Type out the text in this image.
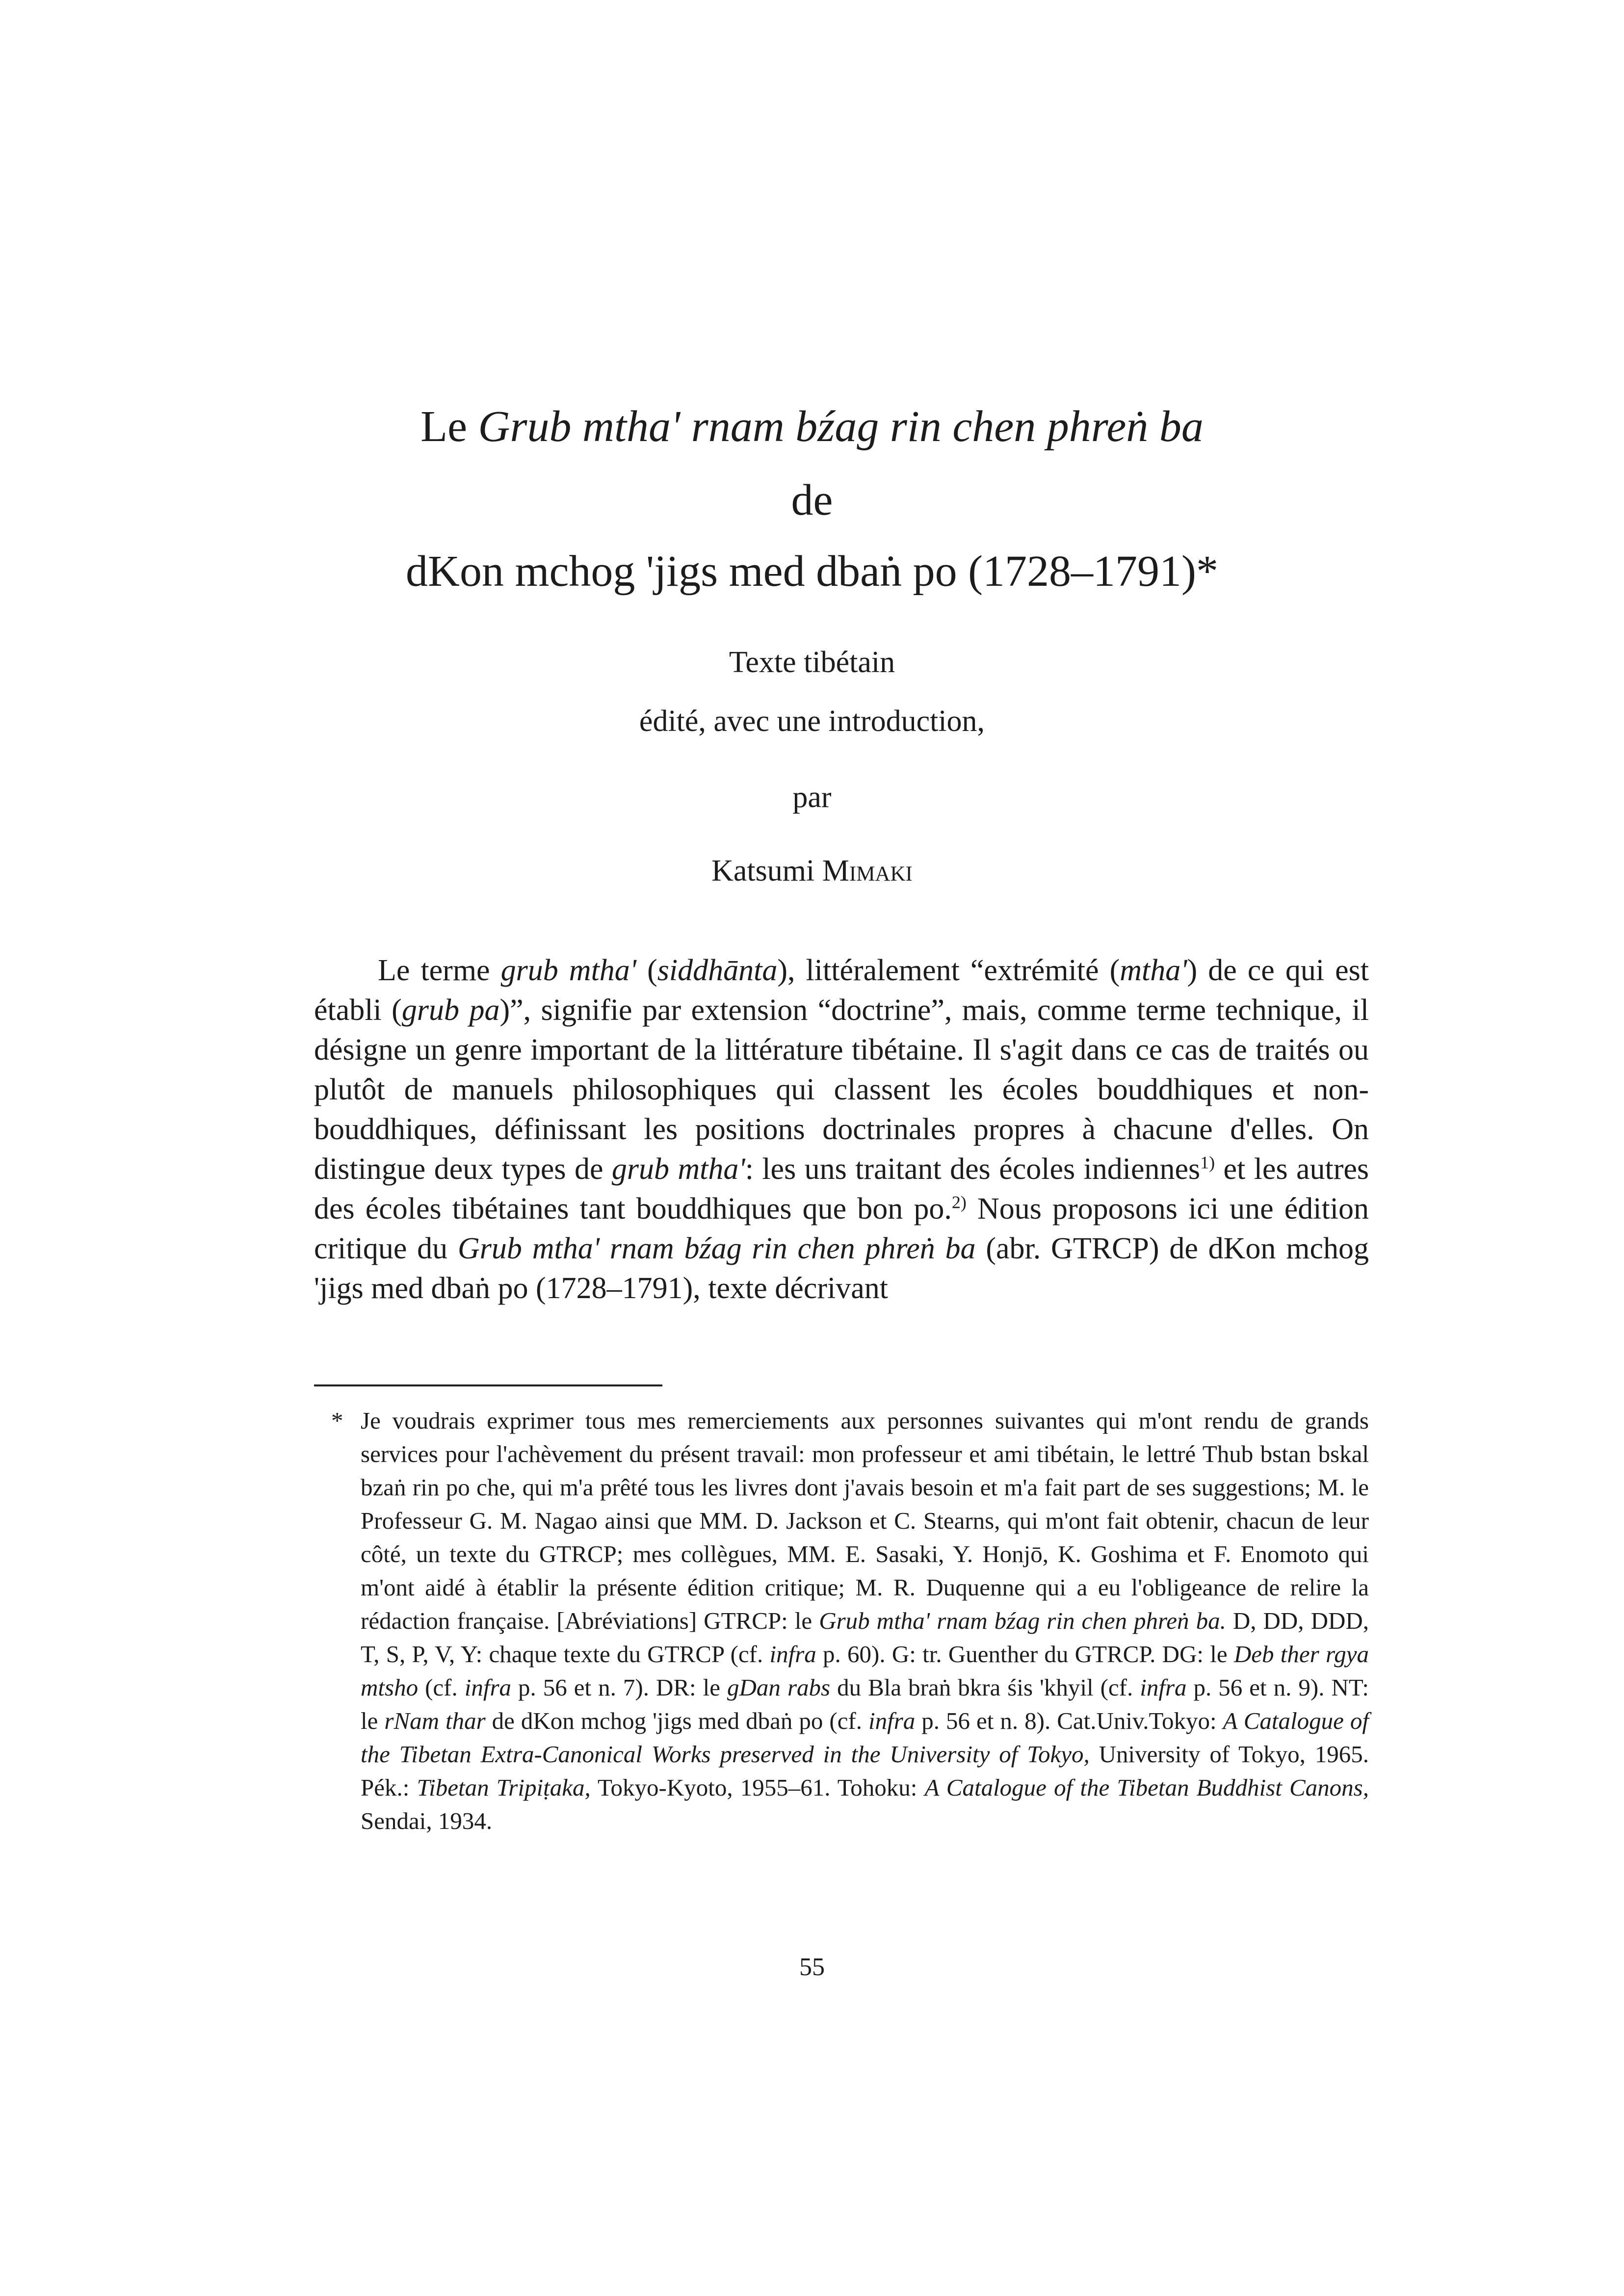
Le Grub mtha' rnam bźag rin chen phreṅ ba
de
dKon mchog 'jigs med dbaṅ po (1728–1791)*
Texte tibétain
édité, avec une introduction,
par
Katsumi Mimaki

Le terme grub mtha' (siddhānta), littéralement “extrémité (mtha') de ce qui est établi (grub pa)”, signifie par extension “doctrine”, mais, comme terme technique, il désigne un genre important de la littérature tibétaine. Il s'agit dans ce cas de traités ou plutôt de manuels philosophiques qui classent les écoles bouddhiques et non-bouddhiques, définissant les positions doctrinales propres à chacune d'elles. On distingue deux types de grub mtha': les uns traitant des écoles indiennes$^{1)}$ et les autres des écoles tibétaines tant bouddhiques que bon po.$^{2)}$ Nous proposons ici une édition critique du Grub mtha' rnam bźag rin chen phreṅ ba (abr. GTRCP) de dKon mchog 'jigs med dbaṅ po (1728–1791), texte décrivant

* Je voudrais exprimer tous mes remerciements aux personnes suivantes qui m'ont rendu de grands services pour l'achèvement du présent travail: mon professeur et ami tibétain, le lettré Thub bstan bskal bzaṅ rin po che, qui m'a prêté tous les livres dont j'avais besoin et m'a fait part de ses suggestions; M. le Professeur G. M. Nagao ainsi que MM. D. Jackson et C. Stearns, qui m'ont fait obtenir, chacun de leur côté, un texte du GTRCP; mes collègues, MM. E. Sasaki, Y. Honjō, K. Goshima et F. Enomoto qui m'ont aidé à établir la présente édition critique; M. R. Duquenne qui a eu l'obligeance de relire la rédaction française. [Abréviations] GTRCP: le Grub mtha' rnam bźag rin chen phreṅ ba. D, DD, DDD, T, S, P, V, Y: chaque texte du GTRCP (cf. infra p. 60). G: tr. Guenther du GTRCP. DG: le Deb ther rgya mtsho (cf. infra p. 56 et n. 7). DR: le gDan rabs du Bla braṅ bkra śis 'khyil (cf. infra p. 56 et n. 9). NT: le rNam thar de dKon mchog 'jigs med dbaṅ po (cf. infra p. 56 et n. 8). Cat.Univ.Tokyo: A Catalogue of the Tibetan Extra-Canonical Works preserved in the University of Tokyo, University of Tokyo, 1965. Pék.: Tibetan Tripiṭaka, Tokyo-Kyoto, 1955–61. Tohoku: A Catalogue of the Tibetan Buddhist Canons, Sendai, 1934.

55
